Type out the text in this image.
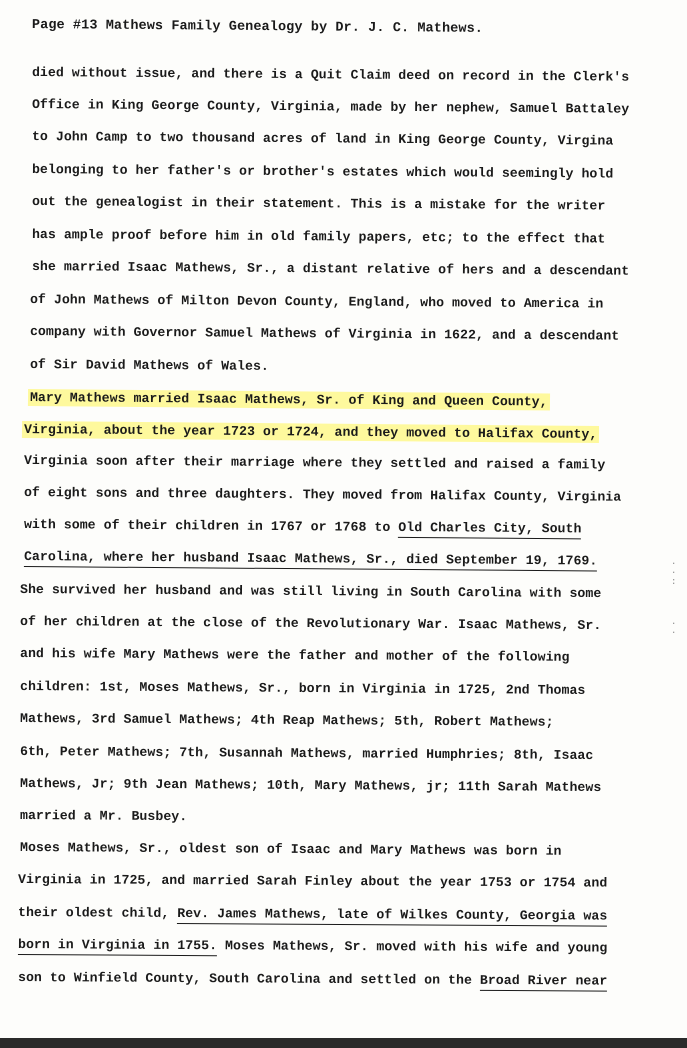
Page #13 Mathews Family Genealogy by Dr. J. C. Mathews.
died without issue, and there is a Quit Claim deed on record in the Clerk's
Office in King George County, Virginia, made by her nephew, Samuel Battaley
to John Camp to two thousand acres of land in King George County, Virgina
belonging to her father's or brother's estates which would seemingly hold
out the genealogist in their statement. This is a mistake for the writer
has ample proof before him in old family papers, etc; to the effect that
she married Isaac Mathews, Sr., a distant relative of hers and a descendant
of John Mathews of Milton Devon County, England, who moved to America in
company with Governor Samuel Mathews of Virginia in 1622, and a descendant
of Sir David Mathews of Wales.
Mary Mathews married Isaac Mathews, Sr. of King and Queen County,
Virginia, about the year 1723 or 1724, and they moved to Halifax County,
Virginia soon after their marriage where they settled and raised a family
of eight sons and three daughters. They moved from Halifax County, Virginia
with some of their children in 1767 or 1768 to Old Charles City, South
Carolina, where her husband Isaac Mathews, Sr., died September 19, 1769.
She survived her husband and was still living in South Carolina with some
of her children at the close of the Revolutionary War. Isaac Mathews, Sr.
and his wife Mary Mathews were the father and mother of the following
children: 1st, Moses Mathews, Sr., born in Virginia in 1725, 2nd Thomas
Mathews, 3rd Samuel Mathews; 4th Reap Mathews; 5th, Robert Mathews;
6th, Peter Mathews; 7th, Susannah Mathews, married Humphries; 8th, Isaac
Mathews, Jr; 9th Jean Mathews; 10th, Mary Mathews, jr; 11th Sarah Mathews
married a Mr. Busbey.
Moses Mathews, Sr., oldest son of Isaac and Mary Mathews was born in
Virginia in 1725, and married Sarah Finley about the year 1753 or 1754 and
their oldest child, Rev. James Mathews, late of Wilkes County, Georgia was
born in Virginia in 1755. Moses Mathews, Sr. moved with his wife and young
son to Winfield County, South Carolina and settled on the Broad River near
·
·
:
·
·
